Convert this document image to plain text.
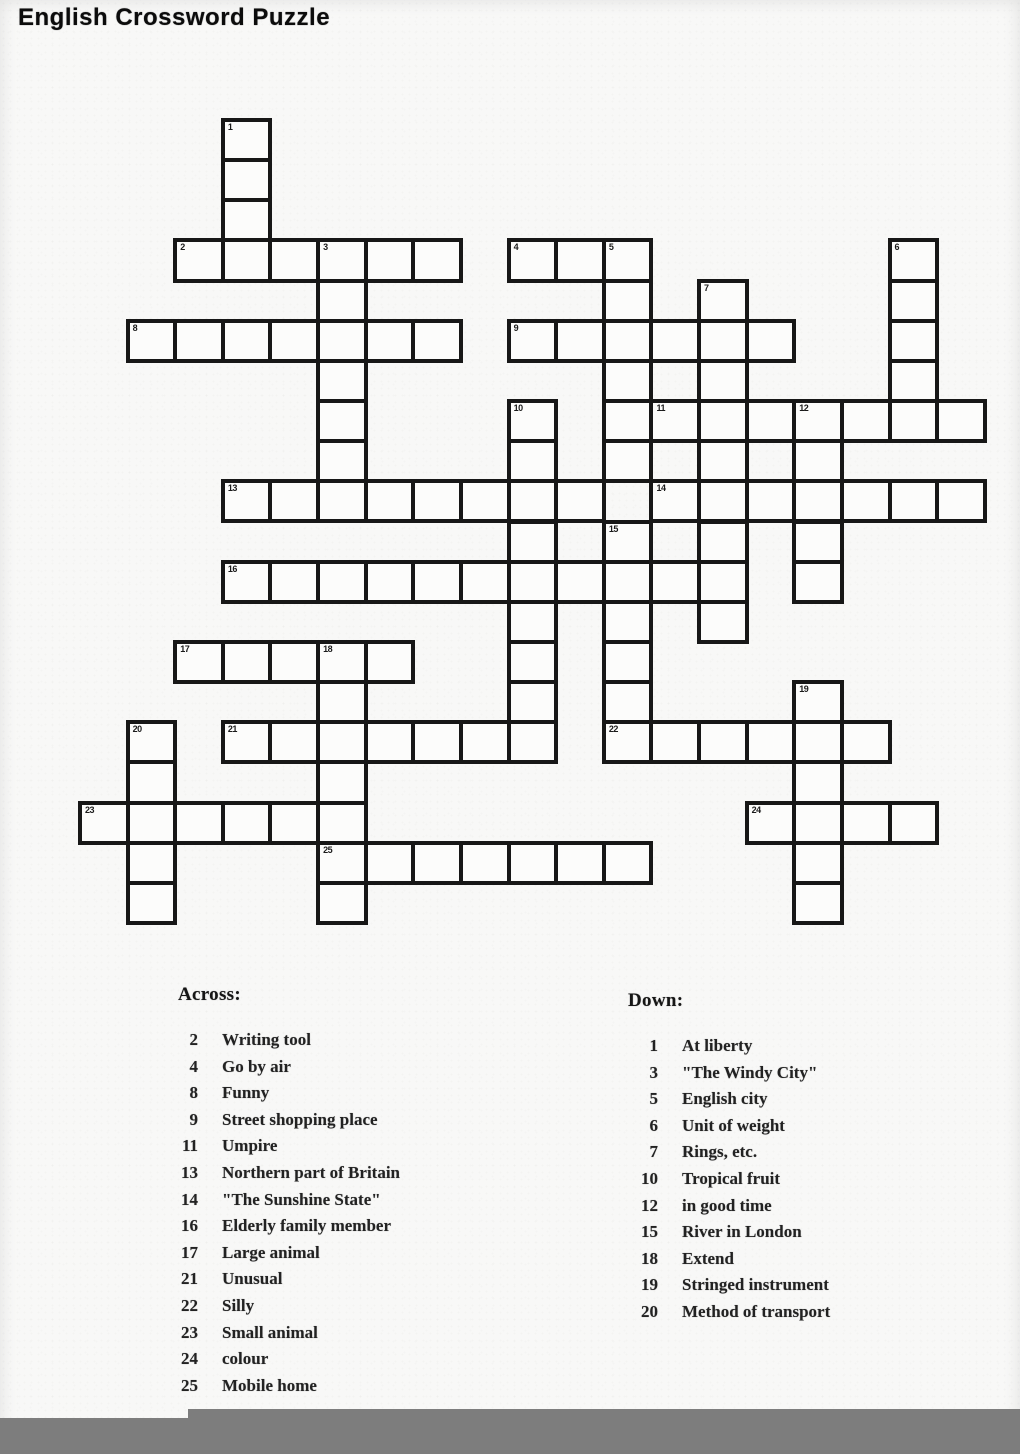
English Crossword Puzzle
2	3	4	5
8	9
11	12
13	14
16
17	18
21	22
23	24
25
1
6
7
10
15
19
20
Across:
2 Writing tool
4 Go by air
8 Funny
9 Street shopping place
11 Umpire
13 Northern part of Britain
14 "The Sunshine State"
16 Elderly family member
17 Large animal
21 Unusual
22 Silly
23 Small animal
24 colour
25 Mobile home
Down:
1 At liberty
3 "The Windy City"
5 English city
6 Unit of weight
7 Rings, etc.
10 Tropical fruit
12 in good time
15 River in London
18 Extend
19 Stringed instrument
20 Method of transport
